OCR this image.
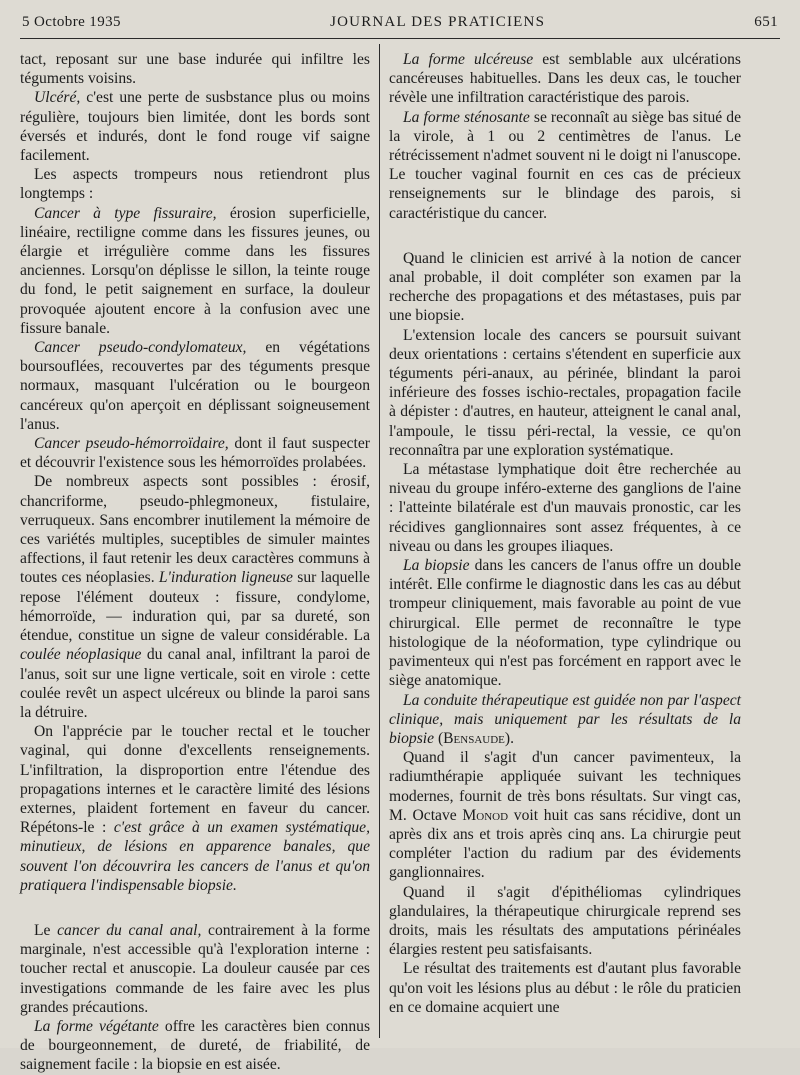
5 Octobre 1935	JOURNAL DES PRATICIENS	651

tact, reposant sur une base indurée qui infiltre les téguments voisins.

Ulcéré, c'est une perte de susbstance plus ou moins régulière, toujours bien limitée, dont les bords sont éversés et indurés, dont le fond rouge vif saigne facilement.

Les aspects trompeurs nous retiendront plus longtemps :

Cancer à type fissuraire, érosion superficielle, linéaire, rectiligne comme dans les fissures jeunes, ou élargie et irrégulière comme dans les fissures anciennes. Lorsqu'on déplisse le sillon, la teinte rouge du fond, le petit saignement en surface, la douleur provoquée ajoutent encore à la confusion avec une fissure banale.

Cancer pseudo-condylomateux, en végétations boursouflées, recouvertes par des téguments presque normaux, masquant l'ulcération ou le bourgeon cancéreux qu'on aperçoit en déplissant soigneusement l'anus.

Cancer pseudo-hémorroïdaire, dont il faut suspecter et découvrir l'existence sous les hémorroïdes prolabées.

De nombreux aspects sont possibles : érosif, chancriforme, pseudo-phlegmoneux, fistulaire, verruqueux. Sans encombrer inutilement la mémoire de ces variétés multiples, suceptibles de simuler maintes affections, il faut retenir les deux caractères communs à toutes ces néoplasies. L'induration ligneuse sur laquelle repose l'élément douteux : fissure, condylome, hémorroïde, — induration qui, par sa dureté, son étendue, constitue un signe de valeur considérable. La coulée néoplasique du canal anal, infiltrant la paroi de l'anus, soit sur une ligne verticale, soit en virole : cette coulée revêt un aspect ulcéreux ou blinde la paroi sans la détruire.

On l'apprécie par le toucher rectal et le toucher vaginal, qui donne d'excellents renseignements. L'infiltration, la disproportion entre l'étendue des propagations internes et le caractère limité des lésions externes, plaident fortement en faveur du cancer. Répétons-le : c'est grâce à un examen systématique, minutieux, de lésions en apparence banales, que souvent l'on découvrira les cancers de l'anus et qu'on pratiquera l'indispensable biopsie.

Le cancer du canal anal, contrairement à la forme marginale, n'est accessible qu'à l'exploration interne : toucher rectal et anuscopie. La douleur causée par ces investigations commande de les faire avec les plus grandes précautions.

La forme végétante offre les caractères bien connus de bourgeonnement, de dureté, de friabilité, de saignement facile : la biopsie en est aisée.

La forme ulcéreuse est semblable aux ulcérations cancéreuses habituelles. Dans les deux cas, le toucher révèle une infiltration caractéristique des parois.

La forme sténosante se reconnaît au siège bas situé de la virole, à 1 ou 2 centimètres de l'anus. Le rétrécissement n'admet souvent ni le doigt ni l'anuscope. Le toucher vaginal fournit en ces cas de précieux renseignements sur le blindage des parois, si caractéristique du cancer.

Quand le clinicien est arrivé à la notion de cancer anal probable, il doit compléter son examen par la recherche des propagations et des métastases, puis par une biopsie.

L'extension locale des cancers se poursuit suivant deux orientations : certains s'étendent en superficie aux téguments péri-anaux, au périnée, blindant la paroi inférieure des fosses ischio-rectales, propagation facile à dépister : d'autres, en hauteur, atteignent le canal anal, l'ampoule, le tissu péri-rectal, la vessie, ce qu'on reconnaîtra par une exploration systématique.

La métastase lymphatique doit être recherchée au niveau du groupe inféro-externe des ganglions de l'aine : l'atteinte bilatérale est d'un mauvais pronostic, car les récidives ganglionnaires sont assez fréquentes, à ce niveau ou dans les groupes iliaques.

La biopsie dans les cancers de l'anus offre un double intérêt. Elle confirme le diagnostic dans les cas au début trompeur cliniquement, mais favorable au point de vue chirurgical. Elle permet de reconnaître le type histologique de la néoformation, type cylindrique ou pavimenteux qui n'est pas forcément en rapport avec le siège anatomique.

La conduite thérapeutique est guidée non par l'aspect clinique, mais uniquement par les résultats de la biopsie (Bensaude).

Quand il s'agit d'un cancer pavimenteux, la radiumthérapie appliquée suivant les techniques modernes, fournit de très bons résultats. Sur vingt cas, M. Octave Monod voit huit cas sans récidive, dont un après dix ans et trois après cinq ans. La chirurgie peut compléter l'action du radium par des évidements ganglionnaires.

Quand il s'agit d'épithéliomas cylindriques glandulaires, la thérapeutique chirurgicale reprend ses droits, mais les résultats des amputations périnéales élargies restent peu satisfaisants.

Le résultat des traitements est d'autant plus favorable qu'on voit les lésions plus au début : le rôle du praticien en ce domaine acquiert une
